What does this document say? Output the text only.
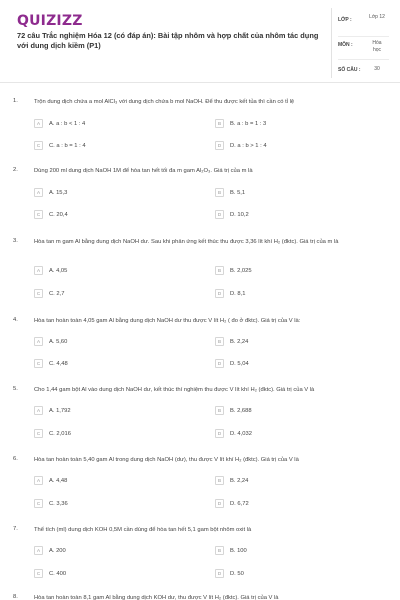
QUIZIZZ
72 câu Trắc nghiệm Hóa 12 (có đáp án): Bài tập nhôm và hợp chất của nhôm tác dụng với dung dịch kiềm (P1)
LỚP :	Lớp 12
MÔN :	Hóa học
SỐ CÂU :	30
1.	Trộn dung dịch chứa a mol AlCl₃ với dung dịch chứa b mol NaOH. Để thu được kết tủa thì cần có tỉ lệ
A	A. a : b < 1 : 4	B	B. a : b = 1 : 3
C	C. a : b = 1 : 4	D	D. a : b > 1 : 4
2.	Dùng 200 ml dung dịch NaOH 1M để hòa tan hết tối đa m gam Al₂O₃. Giá trị của m là
A	A. 15,3	B	B. 5,1
C	C. 20,4	D	D. 10,2
3.	Hòa tan m gam Al bằng dung dịch NaOH dư. Sau khi phản ứng kết thúc thu được 3,36 lít khí H₂ (đktc). Giá trị của m là
A	A. 4,05	B	B. 2,025
C	C. 2,7	D	D. 8,1
4.	Hòa tan hoàn toàn 4,05 gam Al bằng dung dịch NaOH dư thu được V lít H₂ ( đo ở đktc). Giá trị của V là:
A	A. 5,60	B	B. 2,24
C	C. 4,48	D	D. 5,04
5.	Cho 1,44 gam bột Al vào dung dịch NaOH dư, kết thúc thí nghiệm thu được V lít khí H₂ (đktc). Giá trị của V là
A	A. 1,792	B	B. 2,688
C	C. 2,016	D	D. 4,032
6.	Hòa tan hoàn toàn 5,40 gam Al trong dung dịch NaOH (dư), thu được V lít khí H₂ (đktc). Giá trị của V là
A	A. 4,48	B	B. 2,24
C	C. 3,36	D	D. 6,72
7.	Thể tích (ml) dung dịch KOH 0,5M cần dùng để hòa tan hết 5,1 gam bột nhôm oxit là
A	A. 200	B	B. 100
C	C. 400	D	D. 50
8.	Hòa tan hoàn toàn 8,1 gam Al bằng dung dịch KOH dư, thu được V lít H₂ (đktc). Giá trị của V là
